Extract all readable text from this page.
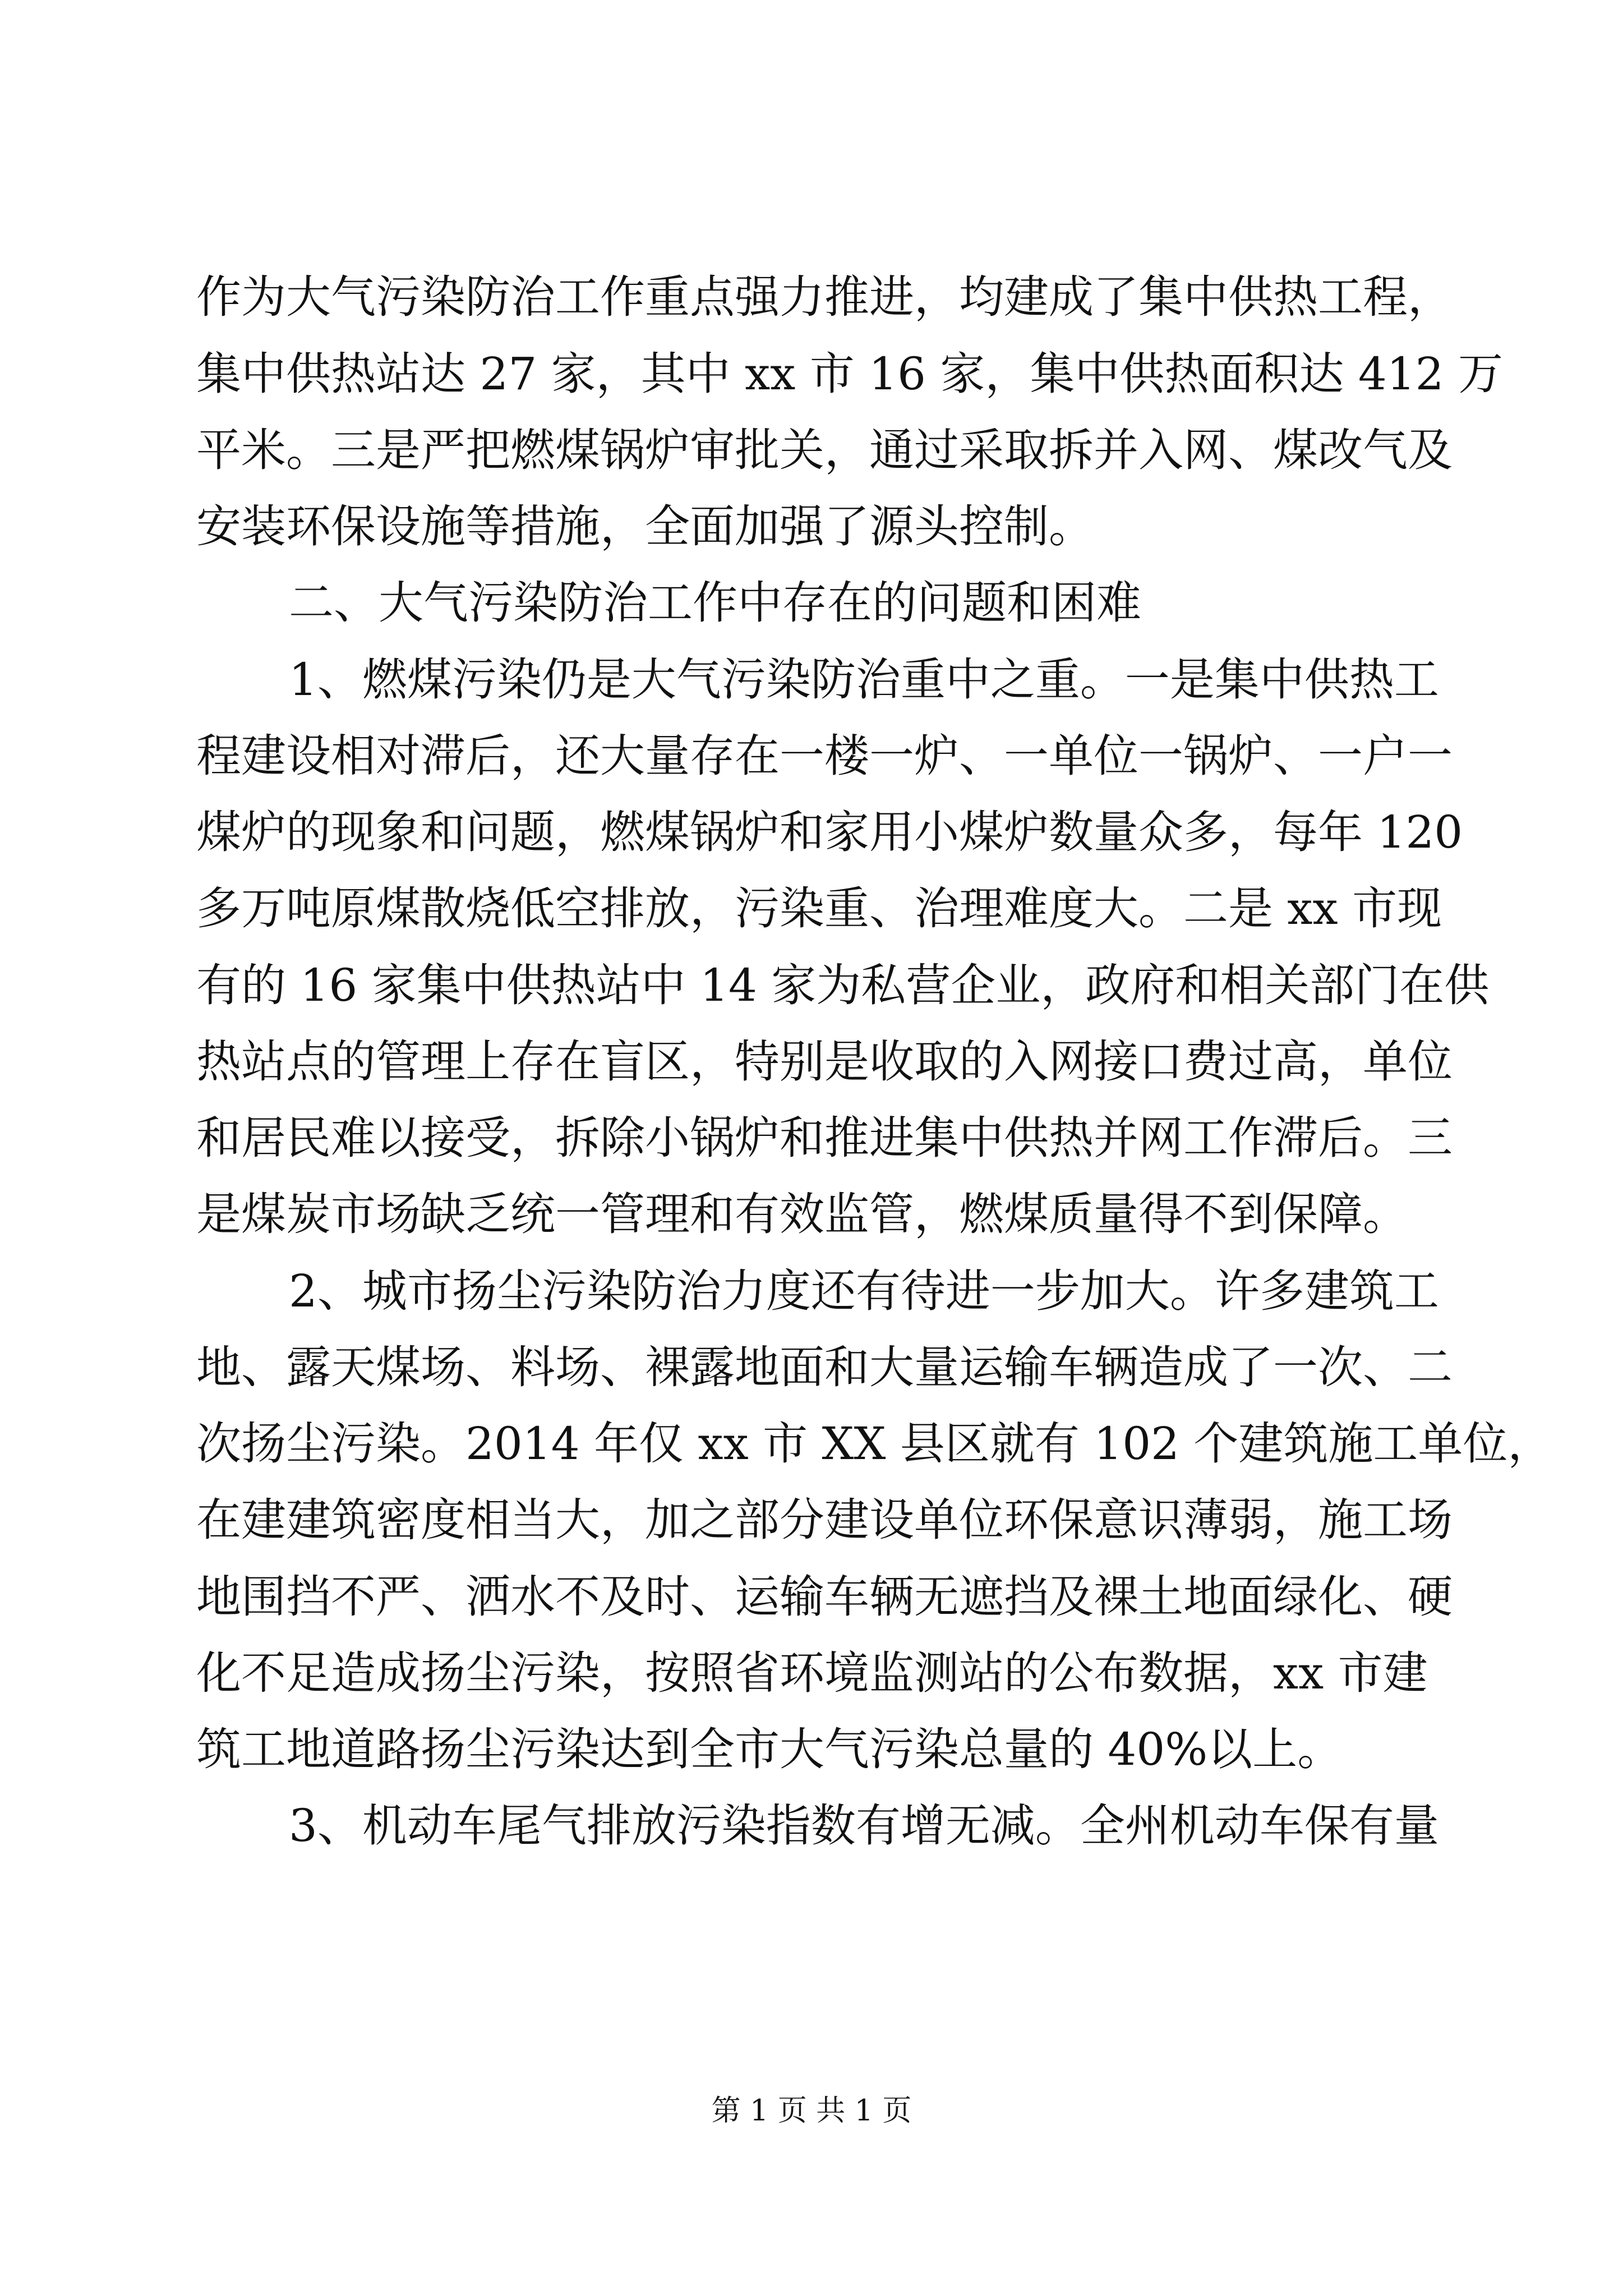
作为大气污染防治工作重点强力推进，均建成了集中供热工程，
集中供热站达 27 家，其中 xx 市 16 家，集中供热面积达 412 万
平米。三是严把燃煤锅炉审批关，通过采取拆并入网、煤改气及
安装环保设施等措施，全面加强了源头控制。
二、大气污染防治工作中存在的问题和困难
1、燃煤污染仍是大气污染防治重中之重。一是集中供热工
程建设相对滞后，还大量存在一楼一炉、一单位一锅炉、一户一
煤炉的现象和问题，燃煤锅炉和家用小煤炉数量众多，每年 120
多万吨原煤散烧低空排放，污染重、治理难度大。二是 xx 市现
有的 16 家集中供热站中 14 家为私营企业，政府和相关部门在供
热站点的管理上存在盲区，特别是收取的入网接口费过高，单位
和居民难以接受，拆除小锅炉和推进集中供热并网工作滞后。三
是煤炭市场缺乏统一管理和有效监管，燃煤质量得不到保障。
2、城市扬尘污染防治力度还有待进一步加大。许多建筑工
地、露天煤场、料场、裸露地面和大量运输车辆造成了一次、二
次扬尘污染。2014 年仅 xx 市 XX 县区就有 102 个建筑施工单位，
在建建筑密度相当大，加之部分建设单位环保意识薄弱，施工场
地围挡不严、洒水不及时、运输车辆无遮挡及裸土地面绿化、硬
化不足造成扬尘污染，按照省环境监测站的公布数据，xx 市建
筑工地道路扬尘污染达到全市大气污染总量的 40%以上。
3、机动车尾气排放污染指数有增无减。全州机动车保有量
第 1 页 共 1 页
